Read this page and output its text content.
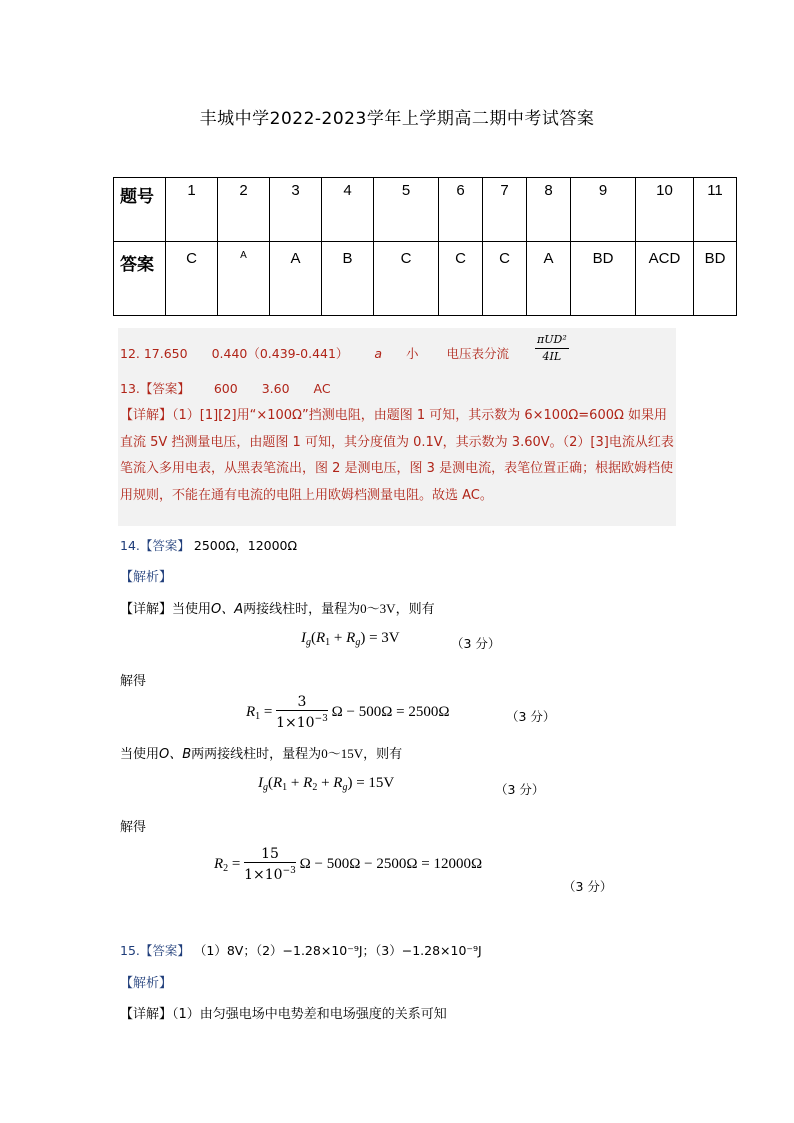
丰城中学2022-2023学年上学期高二期中考试答案
题号	1	2	3	4	5	6	7	8	9	10	11
答案	C	A	A	B	C	C	C	A	BD	ACD	BD
12. 17.650 0.440（0.439-0.441） a 小 电压表分流 $\frac{\text{πUD²}}{4IL}$
13.【答案】 600 3.60 AC
【详解】（1）[1][2]用“×100Ω”挡测电阻，由题图 1 可知，其示数为 6×100Ω=600Ω 如果用直流 5V 挡测量电压，由题图 1 可知，其分度值为 0.1V，其示数为 3.60V。（2）[3]电流从红表笔流入多用电表，从黑表笔流出，图 2 是测电压，图 3 是测电流，表笔位置正确；根据欧姆档使用规则，不能在通有电流的电阻上用欧姆档测量电阻。故选 AC。
14.【答案】 2500Ω，12000Ω
【解析】
【详解】当使用O、A两接线柱时，量程为0～3V，则有
$I_g(R_1 + R_g) = 3V$	（3 分）
解得
$R_1 = \frac{3}{1\times 10^{-3}}$ Ω − 500Ω = 2500Ω	（3 分）
当使用O、B两两接线柱时，量程为0～15V，则有
$I_g(R_1 + R_2 + R_g) = 15V$	（3 分）
解得
$R_2 = \frac{15}{1\times 10^{-3}}$ Ω − 500Ω − 2500Ω = 12000Ω
（3 分）
15.【答案】 （1）8V；（2）−1.28×10⁻⁹J；（3）−1.28×10⁻⁹J
【解析】
【详解】（1）由匀强电场中电势差和电场强度的关系可知
